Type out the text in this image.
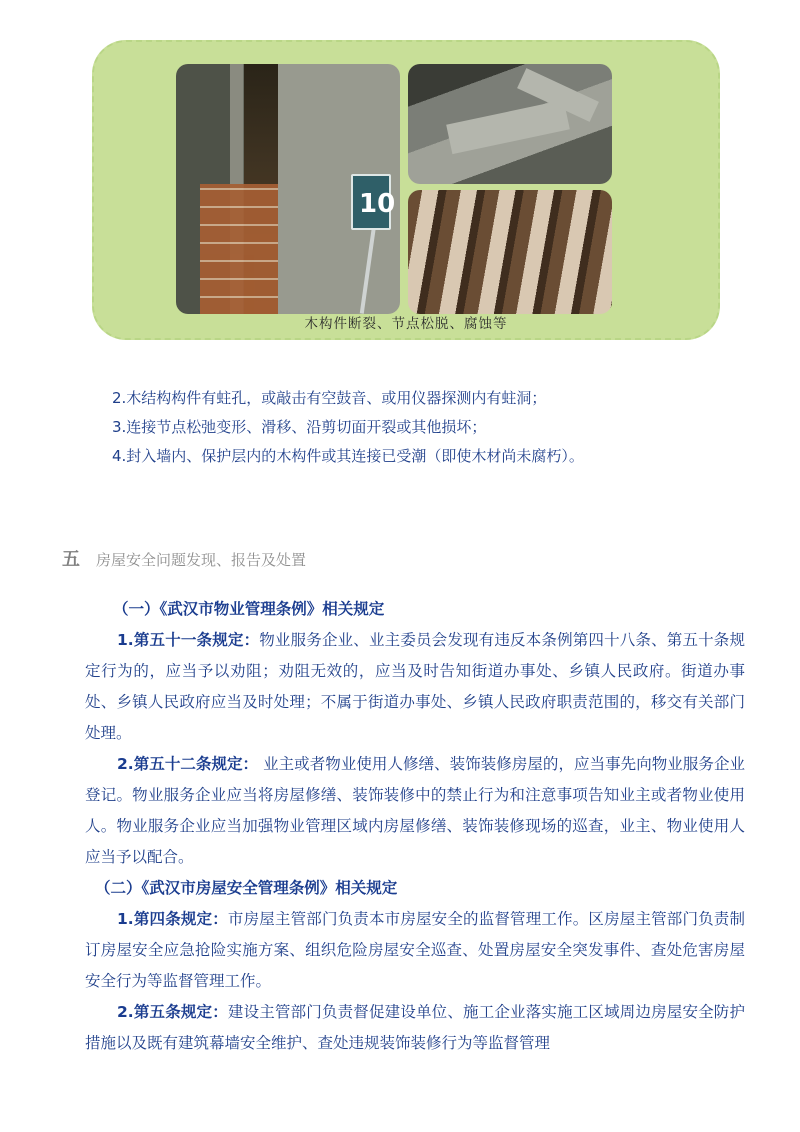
10
木构件断裂、节点松脱、腐蚀等

2.木结构构件有蛀孔，或敲击有空鼓音、或用仪器探测内有蛀洞；

3.连接节点松弛变形、滑移、沿剪切面开裂或其他损坏；

4.封入墙内、保护层内的木构件或其连接已受潮（即使木材尚未腐朽）。

五 房屋安全问题发现、报告及处置

（一）《武汉市物业管理条例》相关规定

1.第五十一条规定：物业服务企业、业主委员会发现有违反本条例第四十八条、第五十条规定行为的，应当予以劝阻；劝阻无效的，应当及时告知街道办事处、乡镇人民政府。街道办事处、乡镇人民政府应当及时处理；不属于街道办事处、乡镇人民政府职责范围的，移交有关部门处理。

2.第五十二条规定： 业主或者物业使用人修缮、装饰装修房屋的，应当事先向物业服务企业登记。物业服务企业应当将房屋修缮、装饰装修中的禁止行为和注意事项告知业主或者物业使用人。物业服务企业应当加强物业管理区域内房屋修缮、装饰装修现场的巡查，业主、物业使用人应当予以配合。

（二）《武汉市房屋安全管理条例》相关规定

1.第四条规定：市房屋主管部门负责本市房屋安全的监督管理工作。区房屋主管部门负责制订房屋安全应急抢险实施方案、组织危险房屋安全巡查、处置房屋安全突发事件、查处危害房屋安全行为等监督管理工作。

2.第五条规定：建设主管部门负责督促建设单位、施工企业落实施工区域周边房屋安全防护措施以及既有建筑幕墙安全维护、查处违规装饰装修行为等监督管理
